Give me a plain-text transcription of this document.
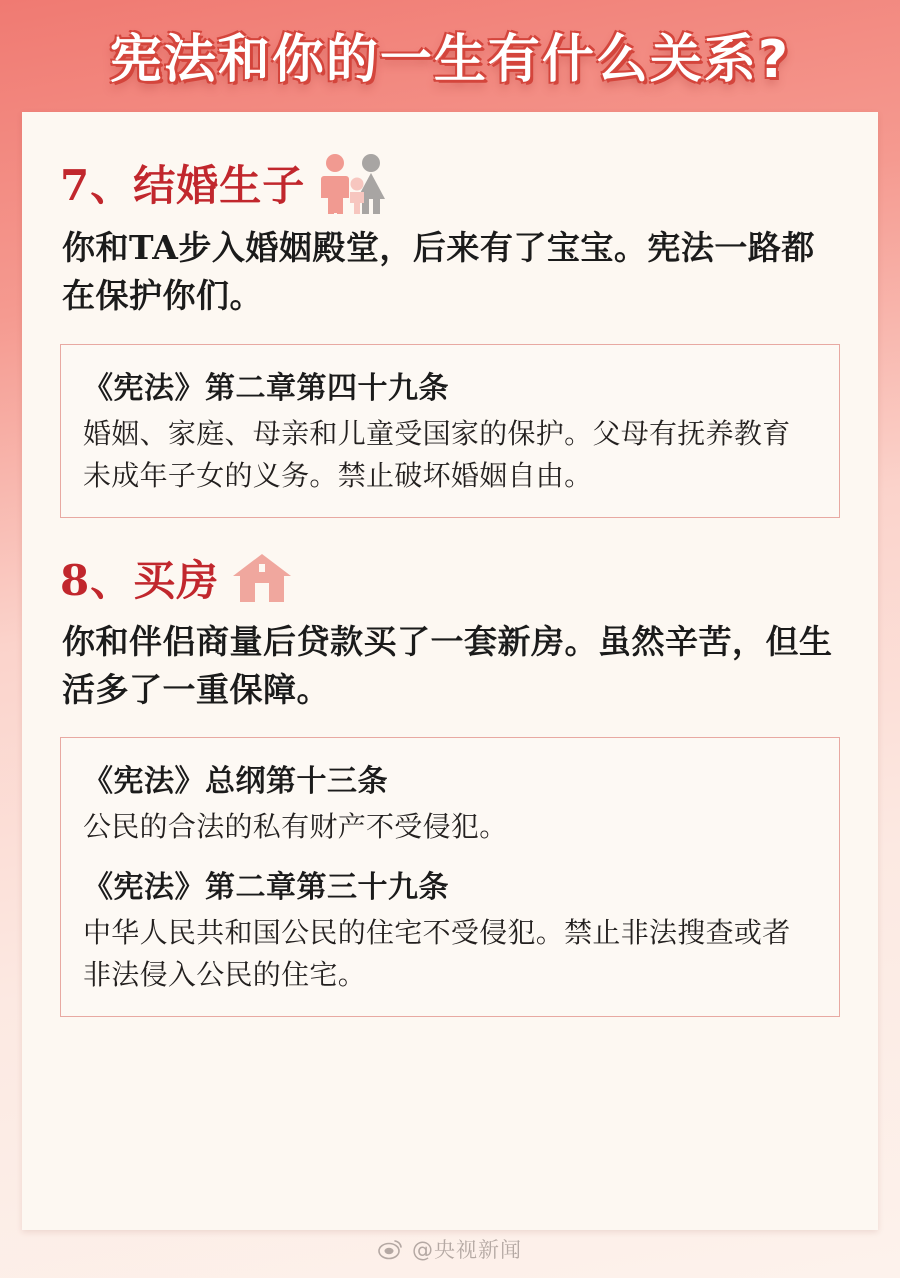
宪法和你的一生有什么关系?
7、结婚生子
你和TA步入婚姻殿堂，后来有了宝宝。宪法一路都在保护你们。
《宪法》第二章第四十九条
婚姻、家庭、母亲和儿童受国家的保护。父母有抚养教育未成年子女的义务。禁止破坏婚姻自由。
8、买房
你和伴侣商量后贷款买了一套新房。虽然辛苦，但生活多了一重保障。
《宪法》总纲第十三条
公民的合法的私有财产不受侵犯。
《宪法》第二章第三十九条
中华人民共和国公民的住宅不受侵犯。禁止非法搜查或者非法侵入公民的住宅。
@央视新闻
